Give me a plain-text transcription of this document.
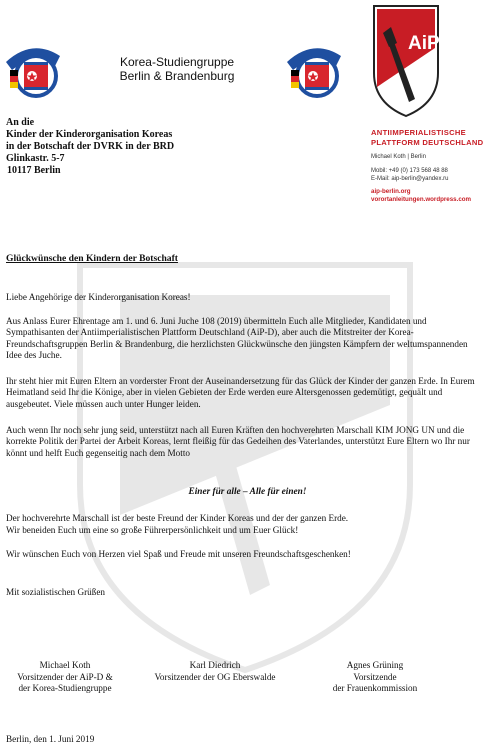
Korea-Studiengruppe
Berlin & Brandenburg
AiP
An die
Kinder der Kinderorganisation Koreas
in der Botschaft der DVRK in der BRD
Glinkastr. 5-7
10117 Berlin
ANTIIMPERIALISTISCHE
PLATTFORM DEUTSCHLAND
Michael Koth | Berlin
Mobil: +49 (0) 173 568 48 88
E-Mail: aip-berlin@yandex.ru
aip-berlin.org
vorortanleitungen.wordpress.com
Glückwünsche den Kindern der Botschaft
Liebe Angehörige der Kinderorganisation Koreas!
Aus Anlass Eurer Ehrentage am 1. und 6. Juni Juche 108 (2019) übermitteln Euch alle Mitglieder, Kandidaten und Sympathisanten der Antiimperialistischen Plattform Deutschland (AiP-D), aber auch die Mitstreiter der Korea-Freundschaftsgruppen Berlin & Brandenburg, die herzlichsten Glückwünsche den jüngsten Kämpfern der weltumspannenden Idee des Juche.
Ihr steht hier mit Euren Eltern an vorderster Front der Auseinandersetzung für das Glück der Kinder der ganzen Erde. In Eurem Heimatland seid Ihr die Könige, aber in vielen Gebieten der Erde werden eure Altersgenossen gedemütigt, gequält und ausgebeutet. Viele müssen auch unter Hunger leiden.
Auch wenn Ihr noch sehr jung seid, unterstützt nach all Euren Kräften den hochverehrten Marschall KIM JONG UN und die korrekte Politik der Partei der Arbeit Koreas, lernt fleißig für das Gedeihen des Vaterlandes, unterstützt Eure Eltern wo Ihr nur könnt und helft Euch gegenseitig nach dem Motto
Einer für alle – Alle für einen!
Der hochverehrte Marschall ist der beste Freund der Kinder Koreas und der der ganzen Erde.
Wir beneiden Euch um eine so große Führerpersönlichkeit und um Euer Glück!
Wir wünschen Euch von Herzen viel Spaß und Freude mit unseren Freundschaftsgeschenken!
Mit sozialistischen Grüßen
Michael Koth
Vorsitzender der AiP-D &
der Korea-Studiengruppe
Karl Diedrich
Vorsitzender der OG Eberswalde
Agnes Grüning
Vorsitzende
der Frauenkommission
Berlin, den 1. Juni 2019
